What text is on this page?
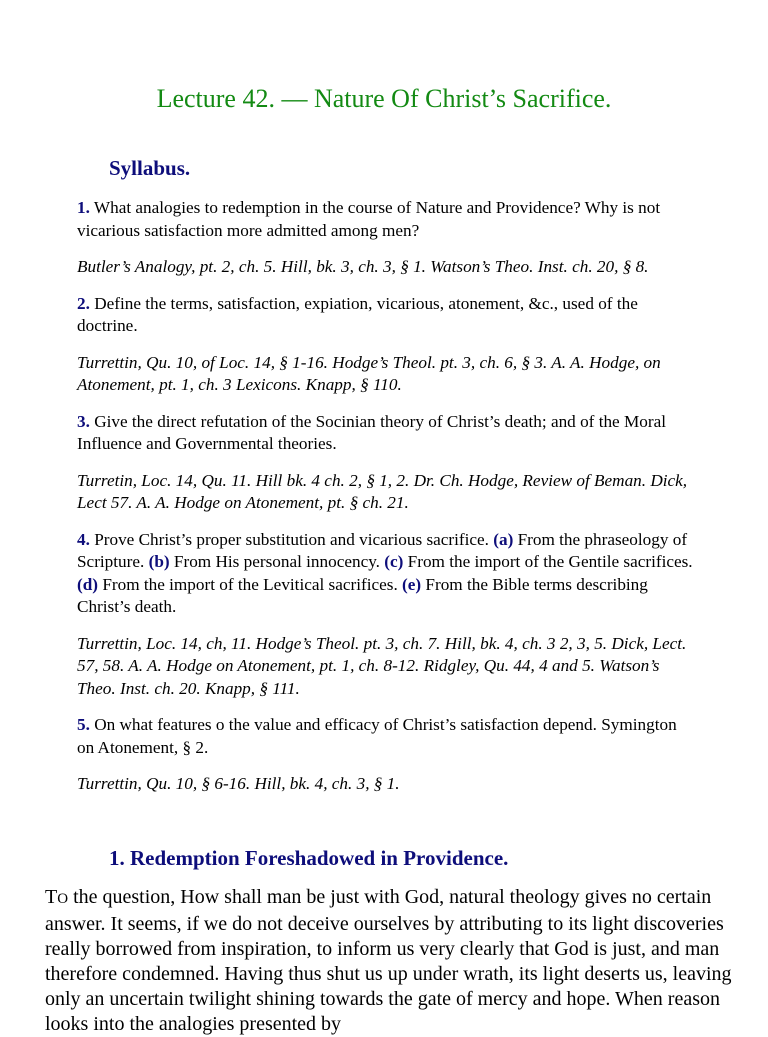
Lecture 42. — Nature Of Christ’s Sacrifice.
Syllabus.

1. What analogies to redemption in the course of Nature and Providence? Why is not vicarious satisfaction more admitted among men?

Butler’s Analogy, pt. 2, ch. 5. Hill, bk. 3, ch. 3, § 1. Watson’s Theo. Inst. ch. 20, § 8.

2. Define the terms, satisfaction, expiation, vicarious, atonement, &c., used of the doctrine.

Turrettin, Qu. 10, of Loc. 14, § 1-16. Hodge’s Theol. pt. 3, ch. 6, § 3. A. A. Hodge, on Atonement, pt. 1, ch. 3 Lexicons. Knapp, § 110.

3. Give the direct refutation of the Socinian theory of Christ’s death; and of the Moral Influence and Governmental theories.

Turretin, Loc. 14, Qu. 11. Hill bk. 4 ch. 2, § 1, 2. Dr. Ch. Hodge, Review of Beman. Dick, Lect 57. A. A. Hodge on Atonement, pt. § ch. 21.

4. Prove Christ’s proper substitution and vicarious sacrifice. (a) From the phraseology of Scripture. (b) From His personal innocency. (c) From the import of the Gentile sacrifices. (d) From the import of the Levitical sacrifices. (e) From the Bible terms describing Christ’s death.

Turrettin, Loc. 14, ch, 11. Hodge’s Theol. pt. 3, ch. 7. Hill, bk. 4, ch. 3 2, 3, 5. Dick, Lect. 57, 58. A. A. Hodge on Atonement, pt. 1, ch. 8-12. Ridgley, Qu. 44, 4 and 5. Watson’s Theo. Inst. ch. 20. Knapp, § 111.

5. On what features o the value and efficacy of Christ’s satisfaction depend. Symington on Atonement, § 2.

Turrettin, Qu. 10, § 6-16. Hill, bk. 4, ch. 3, § 1.

1. Redemption Foreshadowed in Providence.

TO the question, How shall man be just with God, natural theology gives no certain answer. It seems, if we do not deceive ourselves by attributing to its light discoveries really borrowed from inspiration, to inform us very clearly that God is just, and man therefore condemned. Having thus shut us up under wrath, its light deserts us, leaving only an uncertain twilight shining towards the gate of mercy and hope. When reason looks into the analogies presented by
